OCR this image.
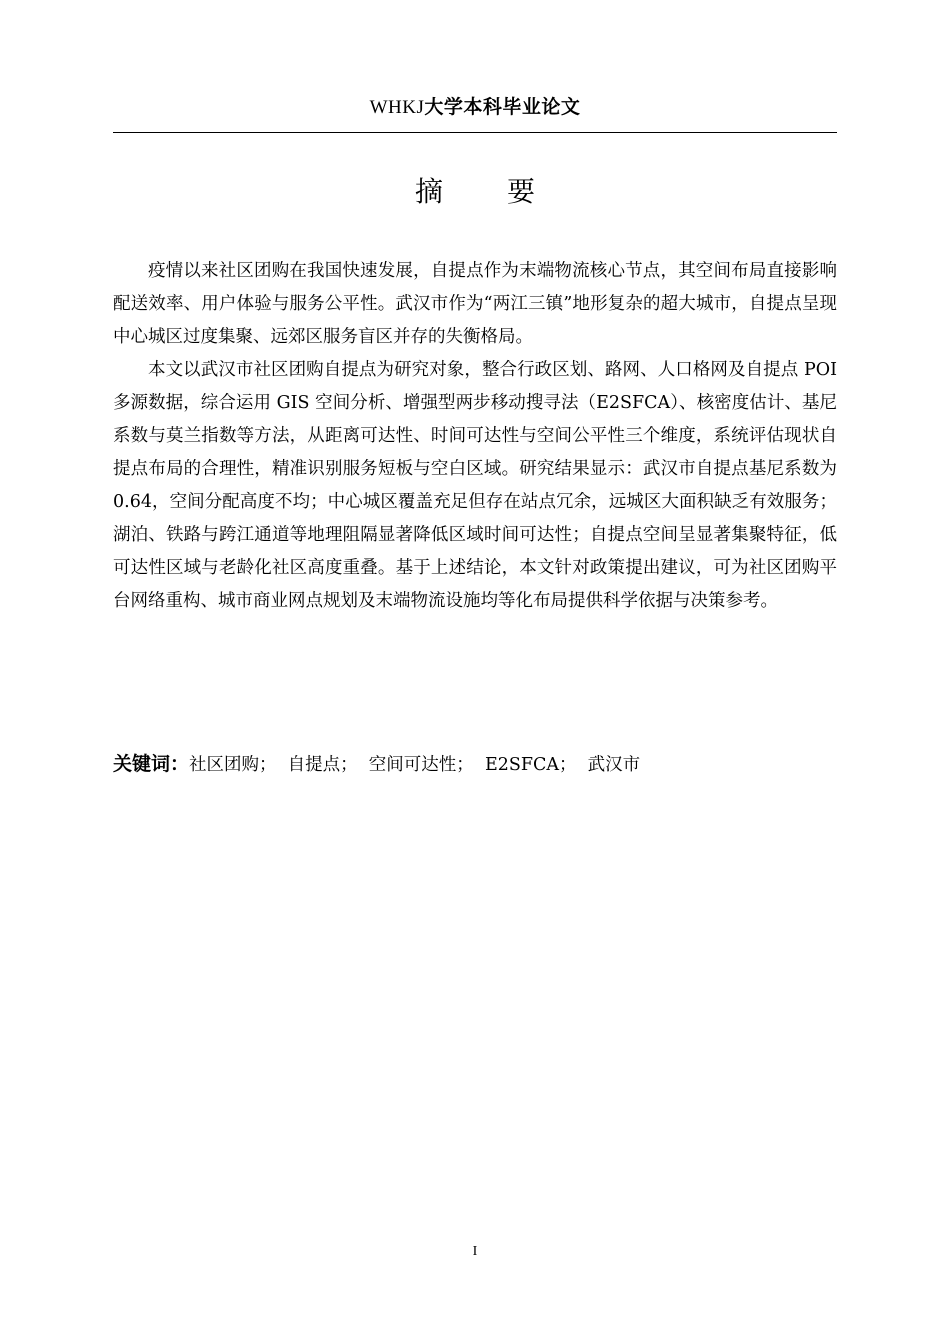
WHKJ大学本科毕业论文
摘要

疫情以来社区团购在我国快速发展，自提点作为末端物流核心节点，其空间布局直接影响配送效率、用户体验与服务公平性。武汉市作为“两江三镇”地形复杂的超大城市，自提点呈现中心城区过度集聚、远郊区服务盲区并存的失衡格局。

本文以武汉市社区团购自提点为研究对象，整合行政区划、路网、人口格网及自提点 POI 多源数据，综合运用 GIS 空间分析、增强型两步移动搜寻法（E2SFCA）、核密度估计、基尼系数与莫兰指数等方法，从距离可达性、时间可达性与空间公平性三个维度，系统评估现状自提点布局的合理性，精准识别服务短板与空白区域。研究结果显示：武汉市自提点基尼系数为 0.64，空间分配高度不均；中心城区覆盖充足但存在站点冗余，远城区大面积缺乏有效服务；湖泊、铁路与跨江通道等地理阻隔显著降低区域时间可达性；自提点空间呈显著集聚特征，低可达性区域与老龄化社区高度重叠。基于上述结论，本文针对政策提出建议，可为社区团购平台网络重构、城市商业网点规划及末端物流设施均等化布局提供科学依据与决策参考。

关键词：社区团购； 自提点； 空间可达性； E2SFCA； 武汉市
I
